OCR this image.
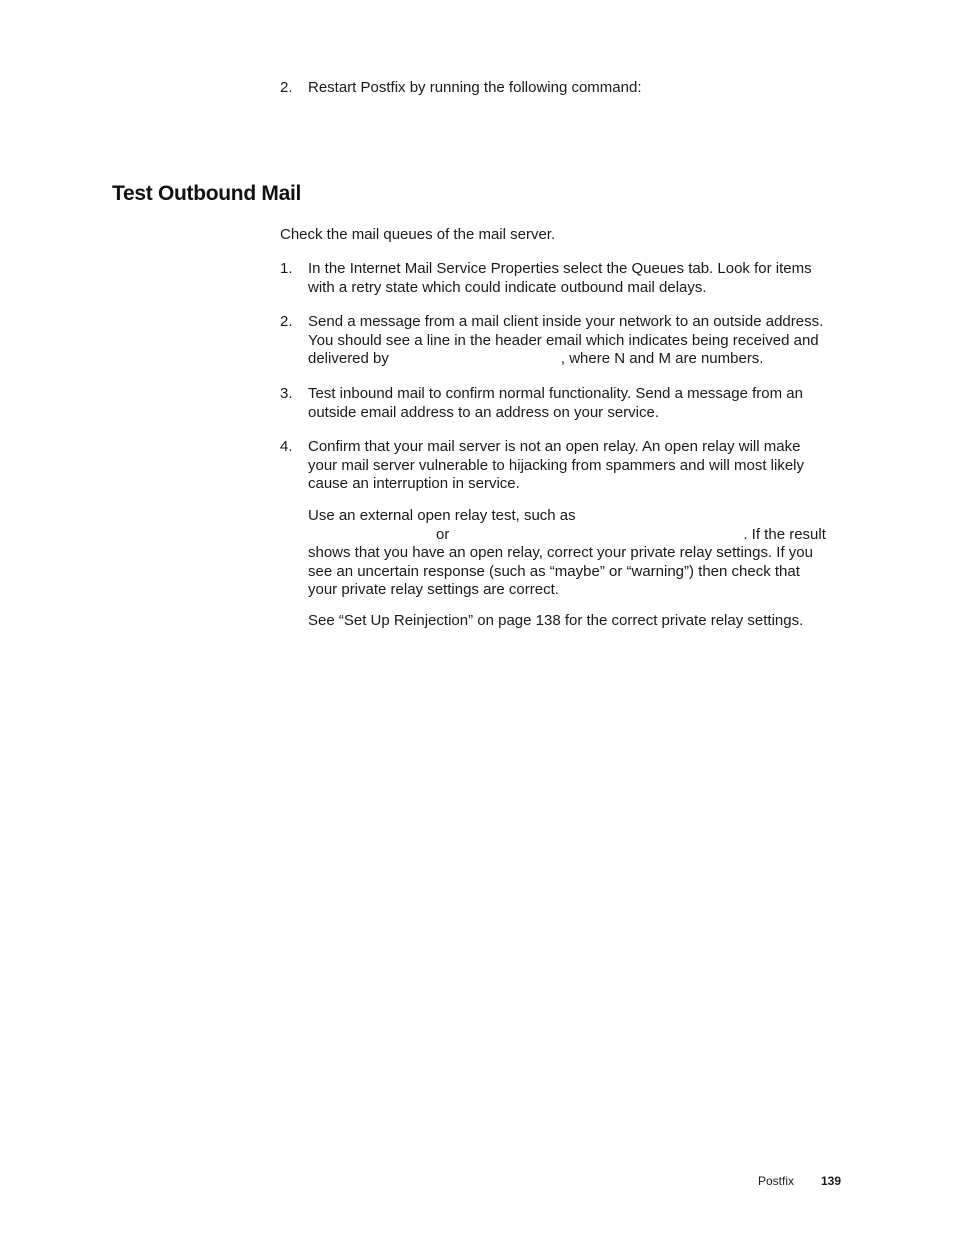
2. Restart Postfix by running the following command:
Test Outbound Mail

Check the mail queues of the mail server.

1. In the Internet Mail Service Properties select the Queues tab. Look for items
with a retry state which could indicate outbound mail delays.
2. Send a message from a mail client inside your network to an outside address.
You should see a line in the header email which indicates being received and
delivered by	, where N and M are numbers.
3. Test inbound mail to confirm normal functionality. Send a message from an
outside email address to an address on your service.
4. Confirm that your mail server is not an open relay. An open relay will make
your mail server vulnerable to hijacking from spammers and will most likely
cause an interruption in service.
Use an external open relay test, such as
or	. If the result
shows that you have an open relay, correct your private relay settings. If you
see an uncertain response (such as “maybe” or “warning”) then check that
your private relay settings are correct.

See “Set Up Reinjection” on page 138 for the correct private relay settings.

Postfix 139
